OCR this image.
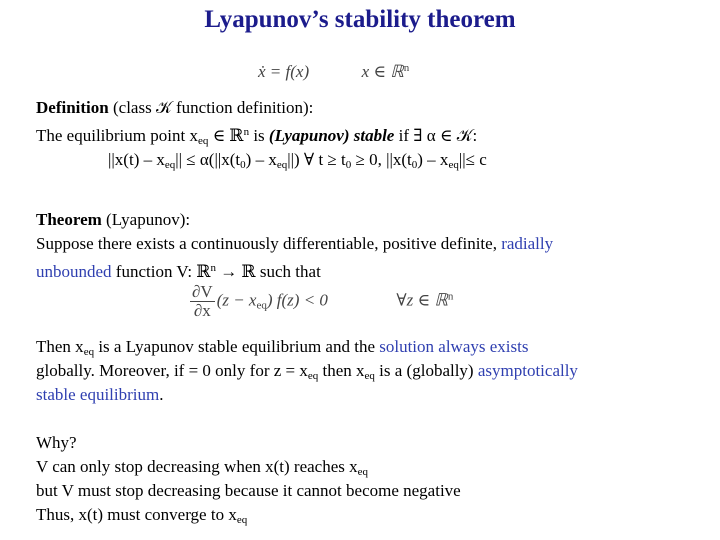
Lyapunov’s stability theorem
ẋ = f(x)	x ∈ ℝ$^n$
Definition (class 𝒦 function definition):
The equilibrium point $x_{eq}$ ∈ ℝ$^n$ is (Lyapunov) stable if ∃ α ∈ 𝒦:
$||x(t) - x_{eq}|| \le \alpha(||x(t_0) - x_{eq}||)$ ∀ $t \ge t_0 \ge 0$, $||x(t_0) - x_{eq}||\le c$
Theorem (Lyapunov):
Suppose there exists a continuously differentiable, positive definite, radially
unbounded function V: ℝ$^n$ → ℝ such that
$\frac{\partial V}{\partial x} (z - x_{eq}) f(z) < 0$	∀z ∈ ℝ$^n$
Then $x_{eq}$ is a Lyapunov stable equilibrium and the solution always exists
globally. Moreover, if = 0 only for $z = x_{eq}$ then $x_{eq}$ is a (globally) asymptotically
stable equilibrium.
Why?
V can only stop decreasing when x(t) reaches $x_{eq}$
but V must stop decreasing because it cannot become negative
Thus, x(t) must converge to $x_{eq}$
